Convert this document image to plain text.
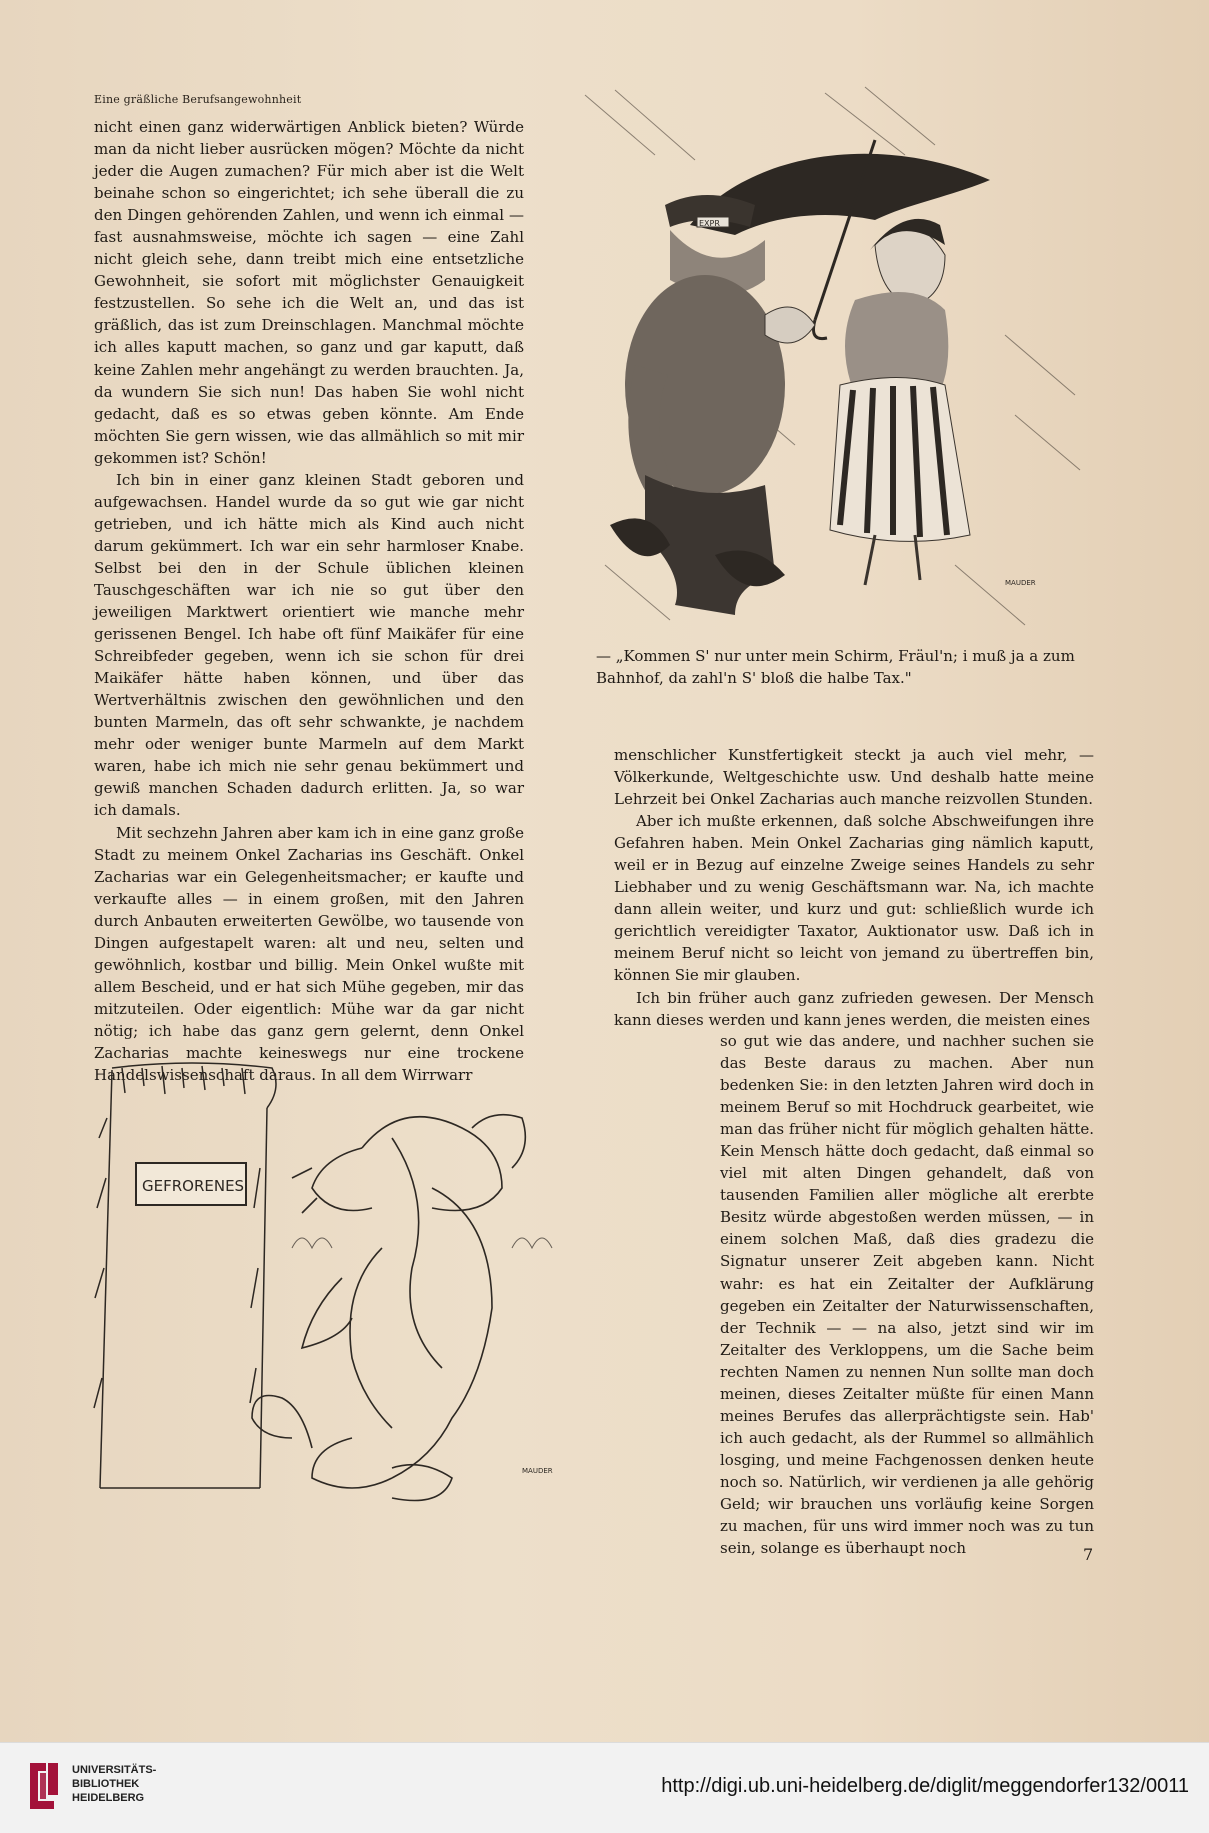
Eine gräßliche Berufsangewohnheit

nicht einen ganz widerwärtigen Anblick bieten? Würde man da nicht lieber ausrücken mögen? Möchte da nicht jeder die Augen zumachen? Für mich aber ist die Welt beinahe schon so eingerichtet; ich sehe überall die zu den Dingen gehörenden Zahlen, und wenn ich einmal — fast ausnahmsweise, möchte ich sagen — eine Zahl nicht gleich sehe, dann treibt mich eine entsetzliche Gewohnheit, sie sofort mit möglichster Genauigkeit festzustellen. So sehe ich die Welt an, und das ist gräßlich, das ist zum Dreinschlagen. Manchmal möchte ich alles kaputt machen, so ganz und gar kaputt, daß keine Zahlen mehr angehängt zu werden brauchten. Ja, da wundern Sie sich nun! Das haben Sie wohl nicht gedacht, daß es so etwas geben könnte. Am Ende möchten Sie gern wissen, wie das allmählich so mit mir gekommen ist? Schön!

Ich bin in einer ganz kleinen Stadt geboren und aufgewachsen. Handel wurde da so gut wie gar nicht getrieben, und ich hätte mich als Kind auch nicht darum gekümmert. Ich war ein sehr harmloser Knabe. Selbst bei den in der Schule üblichen kleinen Tauschgeschäften war ich nie so gut über den jeweiligen Marktwert orientiert wie manche mehr gerissenen Bengel. Ich habe oft fünf Maikäfer für eine Schreibfeder gegeben, wenn ich sie schon für drei Maikäfer hätte haben können, und über das Wertverhältnis zwischen den gewöhnlichen und den bunten Marmeln, das oft sehr schwankte, je nachdem mehr oder weniger bunte Marmeln auf dem Markt waren, habe ich mich nie sehr genau bekümmert und gewiß manchen Schaden dadurch erlitten. Ja, so war ich damals.

Mit sechzehn Jahren aber kam ich in eine ganz große Stadt zu meinem Onkel Zacharias ins Geschäft. Onkel Zacharias war ein Gelegenheitsmacher; er kaufte und verkaufte alles — in einem großen, mit den Jahren durch Anbauten erweiterten Gewölbe, wo tausende von Dingen aufgestapelt waren: alt und neu, selten und gewöhnlich, kostbar und billig. Mein Onkel wußte mit allem Bescheid, und er hat sich Mühe gegeben, mir das mitzuteilen. Oder eigentlich: Mühe war da gar nicht nötig; ich habe das ganz gern gelernt, denn Onkel Zacharias machte keineswegs nur eine trockene Handelswissenschaft daraus. In all dem Wirrwarr

EXPR
MAUDER
— „Kommen S' nur unter mein Schirm, Fräul'n; i muß ja a zum Bahnhof, da zahl'n S' bloß die halbe Tax."

menschlicher Kunstfertigkeit steckt ja auch viel mehr, — Völkerkunde, Weltgeschichte usw. Und deshalb hatte meine Lehrzeit bei Onkel Zacharias auch manche reizvollen Stunden.

Aber ich mußte erkennen, daß solche Abschweifungen ihre Gefahren haben. Mein Onkel Zacharias ging nämlich kaputt, weil er in Bezug auf einzelne Zweige seines Handels zu sehr Liebhaber und zu wenig Geschäftsmann war. Na, ich machte dann allein weiter, und kurz und gut: schließlich wurde ich gerichtlich vereidigter Taxator, Auktionator usw. Daß ich in meinem Beruf nicht so leicht von jemand zu übertreffen bin, können Sie mir glauben.

Ich bin früher auch ganz zufrieden gewesen. Der Mensch kann dieses werden und kann jenes werden, die meisten eines

so gut wie das andere, und nachher suchen sie das Beste daraus zu machen. Aber nun bedenken Sie: in den letzten Jahren wird doch in meinem Beruf so mit Hochdruck gearbeitet, wie man das früher nicht für möglich gehalten hätte. Kein Mensch hätte doch gedacht, daß einmal so viel mit alten Dingen gehandelt, daß von tausenden Familien aller mögliche alt ererbte Besitz würde abgestoßen werden müssen, — in einem solchen Maß, daß dies gradezu die Signatur unserer Zeit abgeben kann. Nicht wahr: es hat ein Zeitalter der Aufklärung gegeben ein Zeitalter der Naturwissenschaften, der Technik — — na also, jetzt sind wir im Zeitalter des Verkloppens, um die Sache beim rechten Namen zu nennen Nun sollte man doch meinen, dieses Zeitalter müßte für einen Mann meines Berufes das allerprächtigste sein. Hab' ich auch gedacht, als der Rummel so allmählich losging, und meine Fachgenossen denken heute noch so. Natürlich, wir verdienen ja alle gehörig Geld; wir brauchen uns vorläufig keine Sorgen zu machen, für uns wird immer noch was zu tun sein, solange es überhaupt noch

GEFRORENES
MAUDER
7
UNIVERSITÄTS-
BIBLIOTHEK
HEIDELBERG
http://digi.ub.uni-heidelberg.de/diglit/meggendorfer132/0011
